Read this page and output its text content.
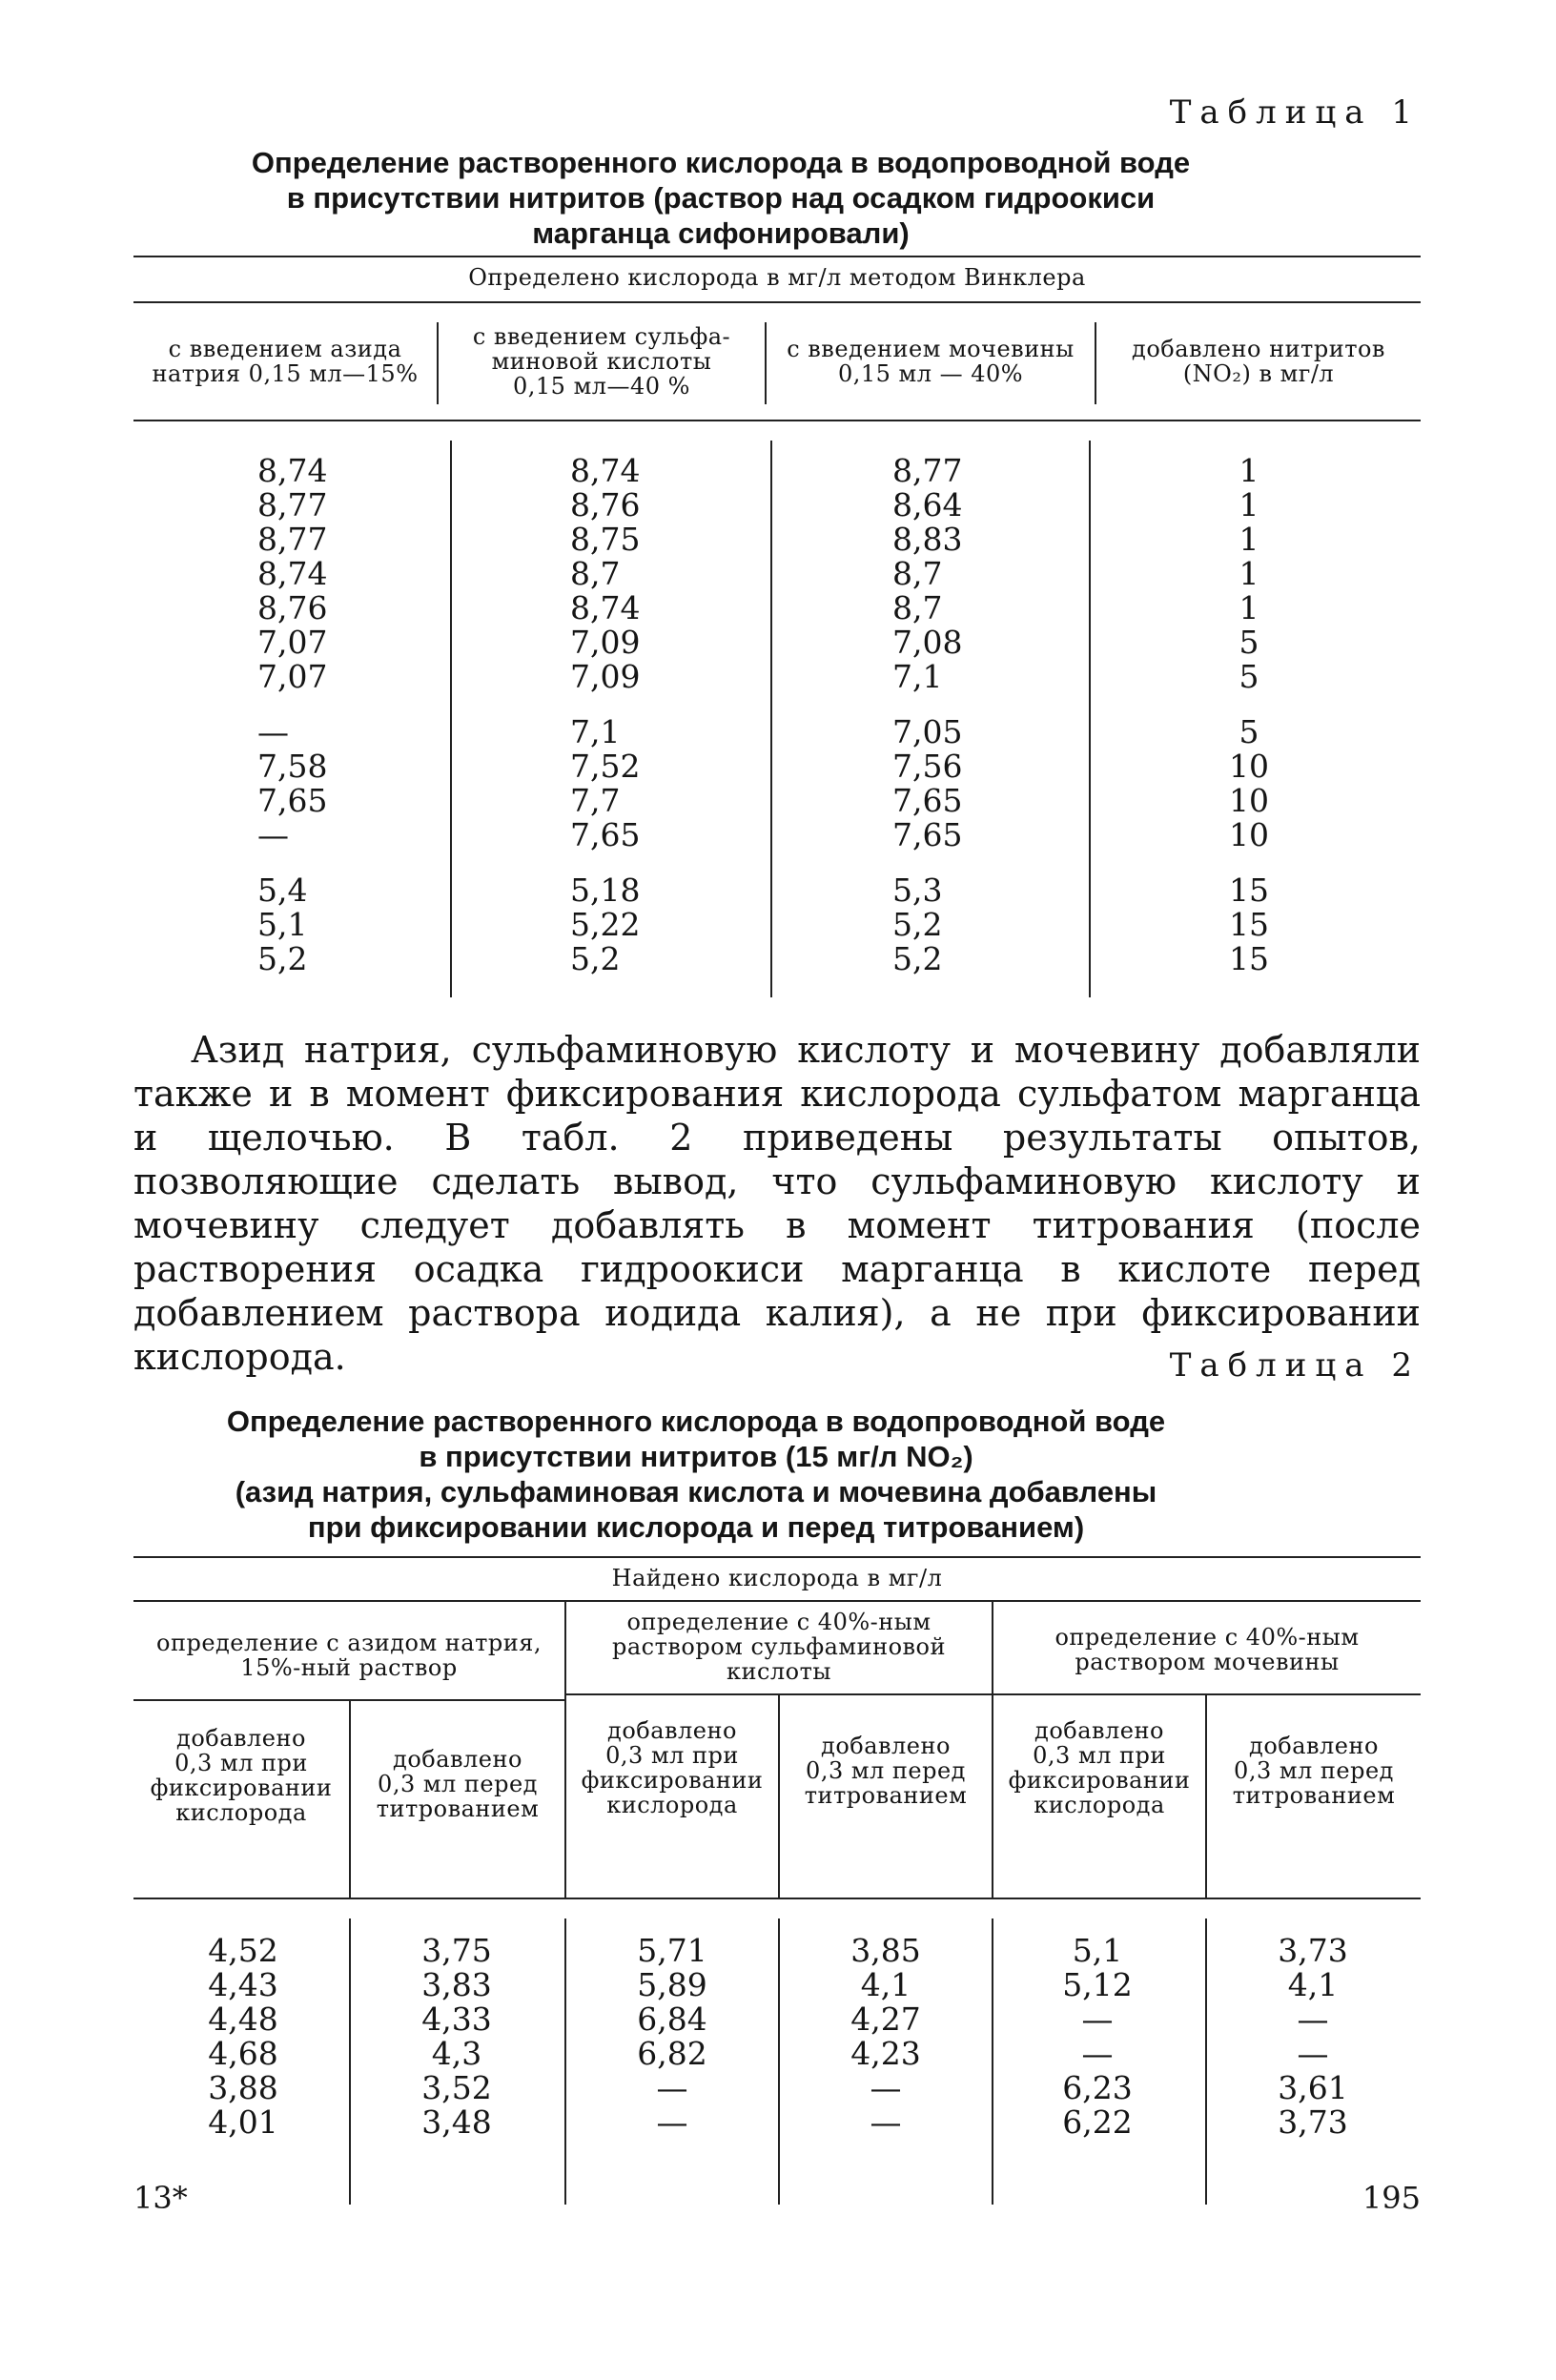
Таблица 1
Определение растворенного кислорода в водопроводной воде
в присутствии нитритов (раствор над осадком гидроокиси
марганца сифонировали)
Определено кислорода в мг/л методом Винклера
с введением азида
натрия 0,15 мл—15%
с введением сульфа-
миновой кислоты
0,15 мл—40 %
с введением мочевины
0,15 мл — 40%
добавлено нитритов
(NO₂) в мг/л
8,74
8,77
8,77
8,74
8,76
7,07
7,07
—
7,58
7,65
—
5,4
5,1
5,2
8,74
8,76
8,75
8,7
8,74
7,09
7,09
7,1
7,52
7,7
7,65
5,18
5,22
5,2
8,77
8,64
8,83
8,7
8,7
7,08
7,1
7,05
7,56
7,65
7,65
5,3
5,2
5,2
1
1
1
1
1
5
5
5
10
10
10
15
15
15
Азид натрия, сульфаминовую кислоту и мочевину добавляли также и в момент фиксирования кислорода сульфатом марганца и щелочью. В табл. 2 приведены результаты опытов, позволяющие сделать вывод, что сульфаминовую кислоту и мочевину следует добавлять в момент титрования (после растворения осадка гидроокиси марганца в кислоте перед добавлением раствора иодида калия), а не при фиксировании кислорода.	Таблица 2
Определение растворенного кислорода в водопроводной воде
в присутствии нитритов (15 мг/л NO₂)
(азид натрия, сульфаминовая кислота и мочевина добавлены
при фиксировании кислорода и перед титрованием)
Найдено кислорода в мг/л
определение с азидом натрия,
15%-ный раствор
определение с 40%-ным
раствором сульфаминовой
кислоты
определение с 40%-ным
раствором мочевины
добавлено
0,3 мл при
фиксировании
кислорода
добавлено
0,3 мл перед
титрованием
добавлено
0,3 мл при
фиксировании
кислорода
добавлено
0,3 мл перед
титрованием
добавлено
0,3 мл при
фиксировании
кислорода
добавлено
0,3 мл перед
титрованием
4,52
4,43
4,48
4,68
3,88
4,01
3,75
3,83
4,33
4,3
3,52
3,48
5,71
5,89
6,84
6,82
—
—
3,85
4,1
4,27
4,23
—
—
5,1
5,12
—
—
6,23
6,22
3,73
4,1
—
—
3,61
3,73
13*	195
